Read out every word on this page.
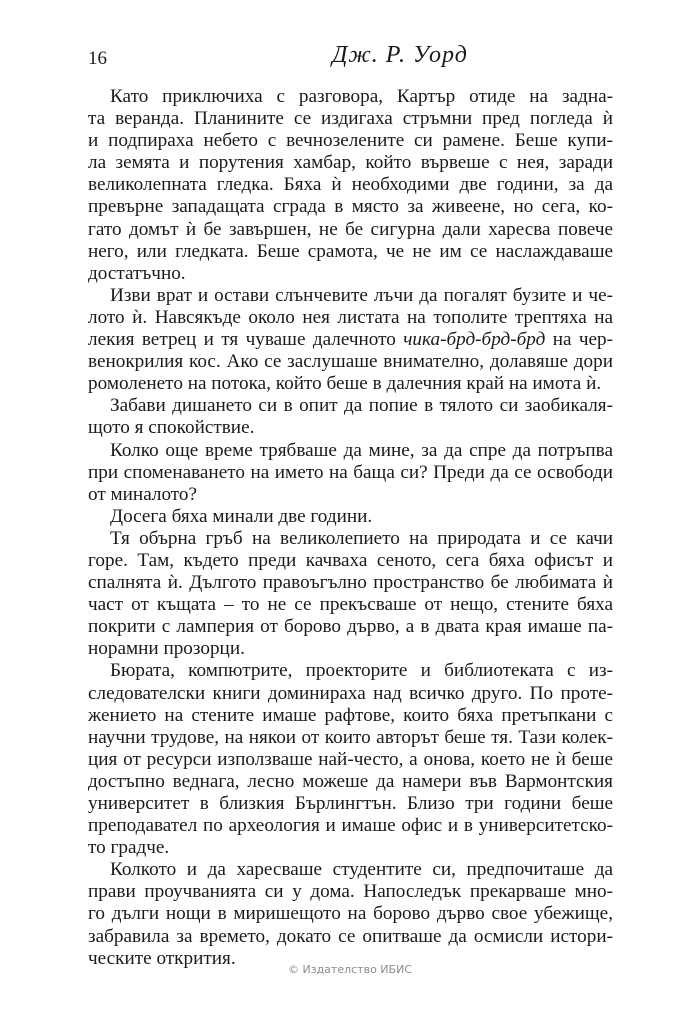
16	Дж. Р. Уорд
Като приключиха с разговора, Картър отиде на задна-
та веранда. Планините се издигаха стръмни пред погледа ѝ
и подпираха небето с вечнозелените си рамене. Беше купи-
ла земята и порутения хамбар, който вървеше с нея, заради
великолепната гледка. Бяха ѝ необходими две години, за да
превърне западащата сграда в място за живеене, но сега, ко-
гато домът ѝ бе завършен, не бе сигурна дали харесва повече
него, или гледката. Беше срамота, че не им се наслаждаваше
достатъчно.
Изви врат и остави слънчевите лъчи да погалят бузите и че-
лото ѝ. Навсякъде около нея листата на тополите трептяха на
лекия ветрец и тя чуваше далечното чика-брд-брд-брд на чер-
венокрилия кос. Ако се заслушаше внимателно, долавяше дори
ромоленето на потока, който беше в далечния край на имота ѝ.
Забави дишането си в опит да попие в тялото си заобикаля-
щото я спокойствие.
Колко още време трябваше да мине, за да спре да потръпва
при споменаването на името на баща си? Преди да се освободи
от миналото?
Досега бяха минали две години.
Тя обърна гръб на великолепието на природата и се качи
горе. Там, където преди качваха сеното, сега бяха офисът и
спалнята ѝ. Дългото правоъгълно пространство бе любимата ѝ
част от къщата – то не се прекъсваше от нещо, стените бяха
покрити с ламперия от борово дърво, а в двата края имаше па-
норамни прозорци.
Бюрата, компютрите, проекторите и библиотеката с из-
следователски книги доминираха над всичко друго. По проте-
жението на стените имаше рафтове, които бяха претъпкани с
научни трудове, на някои от които авторът беше тя. Тази колек-
ция от ресурси използваше най-често, а онова, което не ѝ беше
достъпно веднага, лесно можеше да намери във Вармонтския
университет в близкия Бърлингтън. Близо три години беше
преподавател по археология и имаше офис и в университетско-
то градче.
Колкото и да харесваше студентите си, предпочиташе да
прави проучванията си у дома. Напоследък прекарваше мно-
го дълги нощи в миришещото на борово дърво свое убежище,
забравила за времето, докато се опитваше да осмисли истори-
ческите открития.
© Издателство ИБИС
